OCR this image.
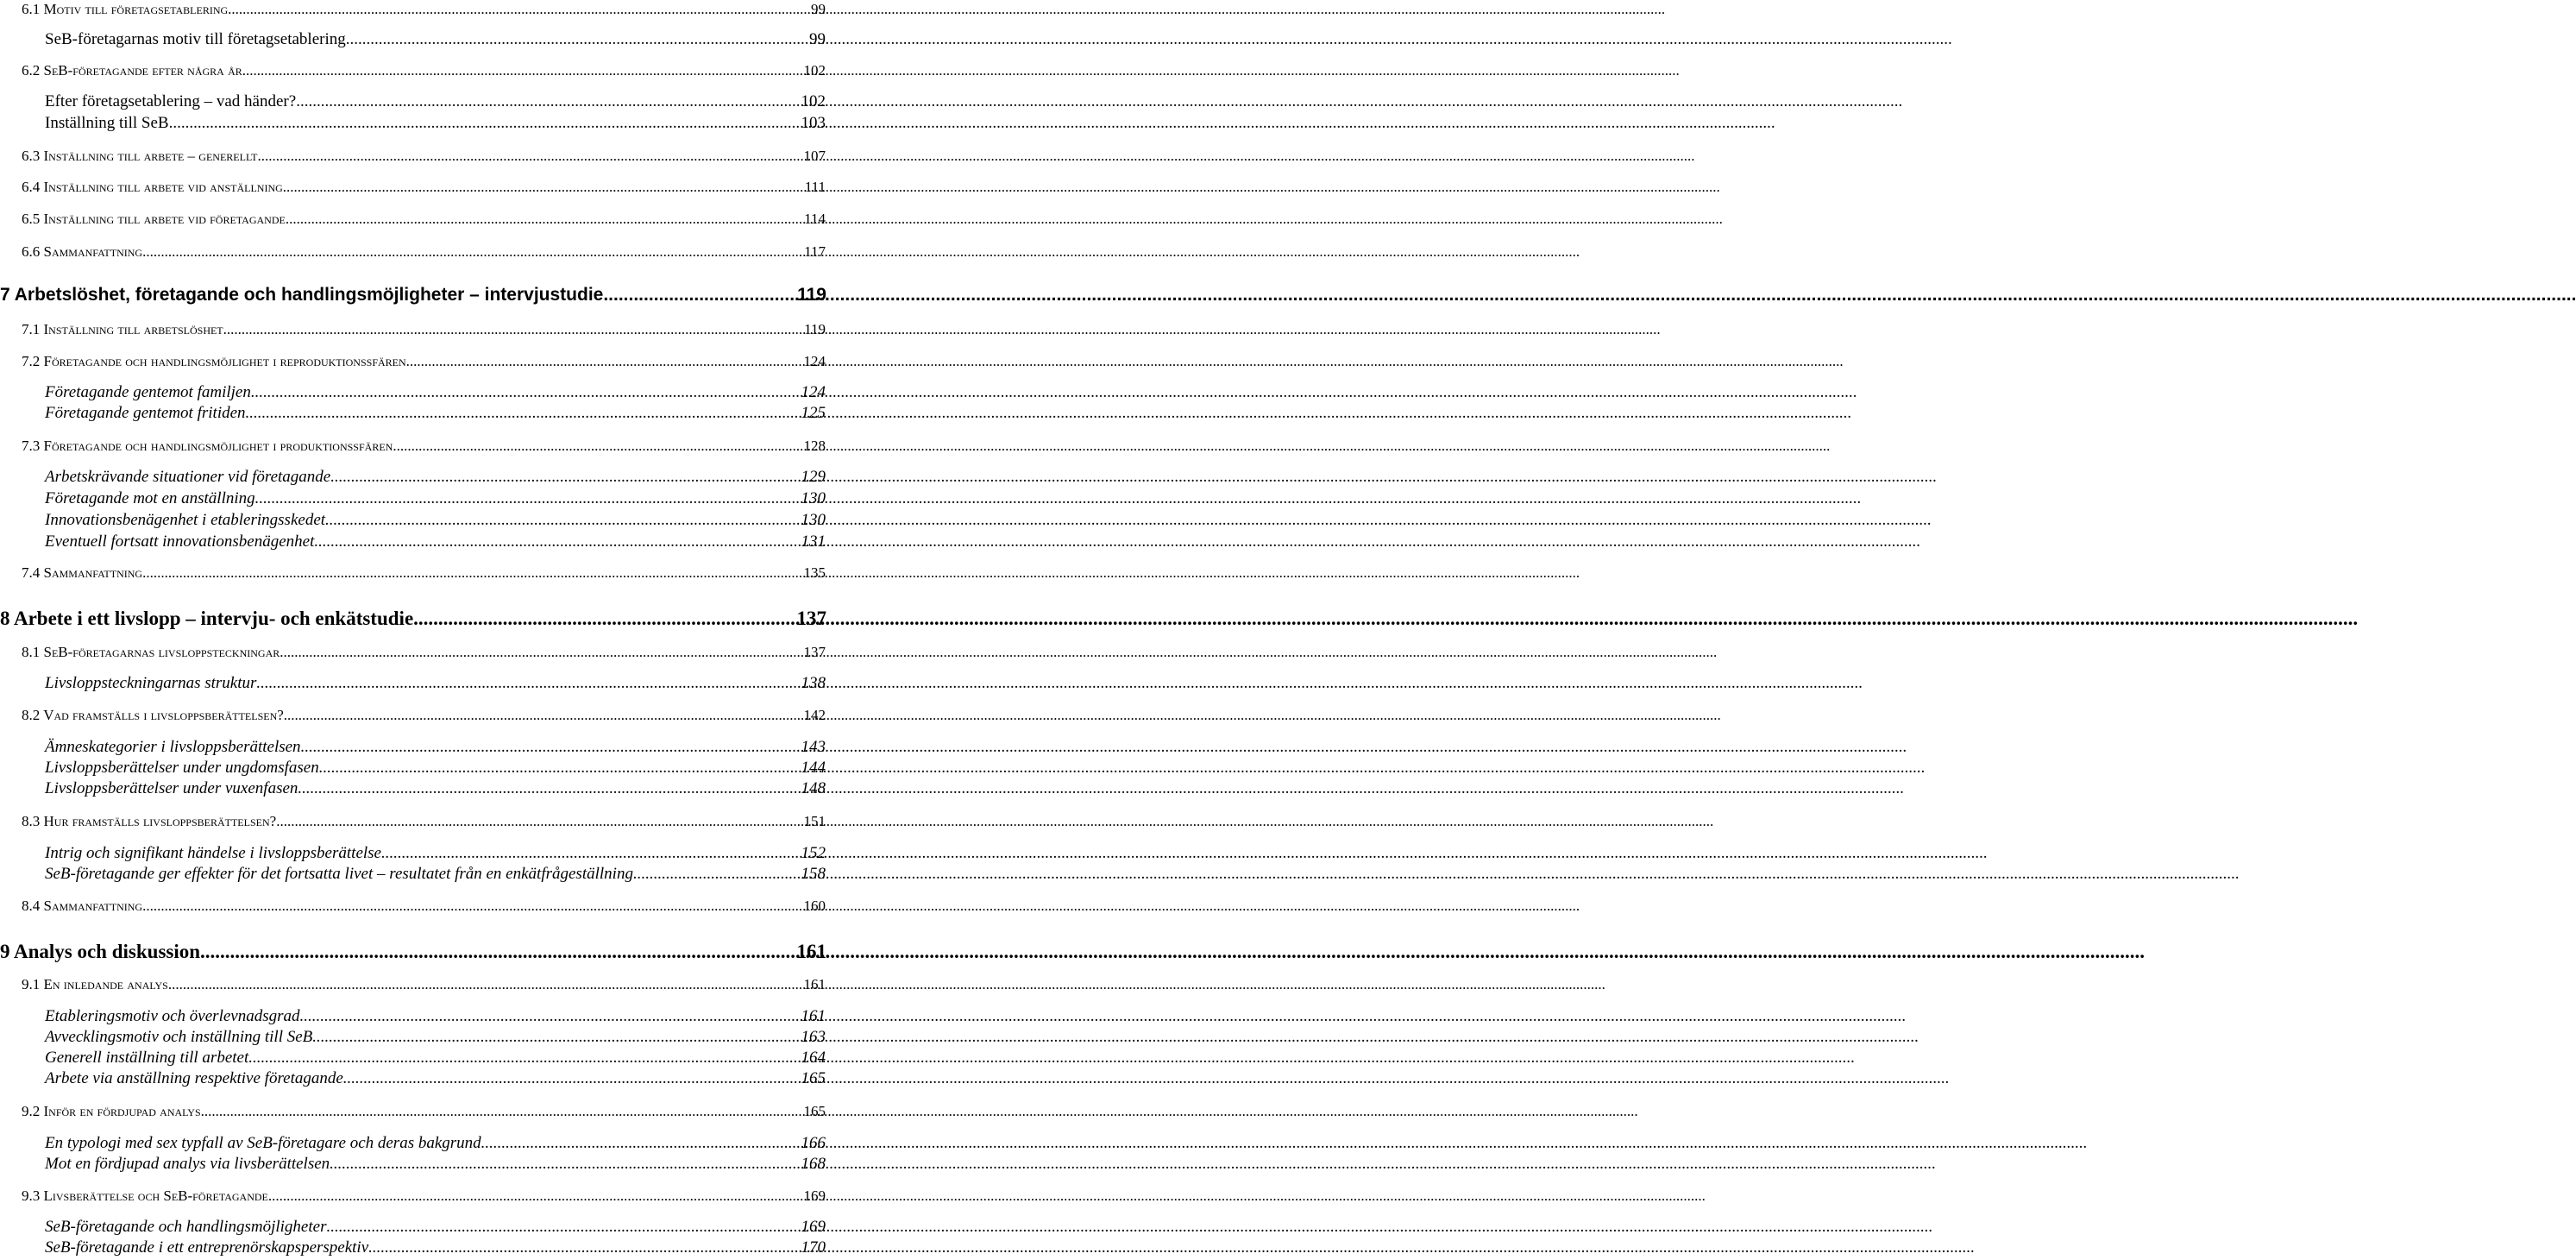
6.1 Motiv till företagsetablering .....	99
SeB-företagarnas motiv till företagsetablering .....	99
6.2 SeB-företagande efter några år .....	102
Efter företagsetablering – vad händer? .....	102
Inställning till SeB .....	103
6.3 Inställning till arbete – generellt .....	107
6.4 Inställning till arbete vid anställning .....	111
6.5 Inställning till arbete vid företagande .....	114
6.6 Sammanfattning .....	117
7 Arbetslöshet, företagande och handlingsmöjligheter – intervjustudie .....	119
7.1 Inställning till arbetslöshet .....	119
7.2 Företagande och handlingsmöjlighet i reproduktionssfären .....	124
Företagande gentemot familjen .....	124
Företagande gentemot fritiden .....	125
7.3 Företagande och handlingsmöjlighet i produktionssfären .....	128
Arbetskrävande situationer vid företagande .....	129
Företagande mot en anställning .....	130
Innovationsbenägenhet i etableringsskedet .....	130
Eventuell fortsatt innovationsbenägenhet .....	131
7.4 Sammanfattning .....	135
8 Arbete i ett livslopp – intervju- och enkätstudie .....	137
8.1 SeB-företagarnas livsloppsteckningar .....	137
Livsloppsteckningarnas struktur .....	138
8.2 Vad framställs i livsloppsberättelsen? .....	142
Ämneskategorier i livsloppsberättelsen .....	143
Livsloppsberättelser under ungdomsfasen .....	144
Livsloppsberättelser under vuxenfasen .....	148
8.3 Hur framställs livsloppsberättelsen? .....	151
Intrig och signifikant händelse i livsloppsberättelse .....	152
SeB-företagande ger effekter för det fortsatta livet – resultatet från en enkätfrågeställning .....	158
8.4 Sammanfattning .....	160
9 Analys och diskussion .....	161
9.1 En inledande analys .....	161
Etableringsmotiv och överlevnadsgrad .....	161
Avvecklingsmotiv och inställning till SeB .....	163
Generell inställning till arbetet .....	164
Arbete via anställning respektive företagande .....	165
9.2 Inför en fördjupad analys .....	165
En typologi med sex typfall av SeB-företagare och deras bakgrund .....	166
Mot en fördjupad analys via livsberättelsen .....	168
9.3 Livsberättelse och SeB-företagande .....	169
SeB-företagande och handlingsmöjligheter .....	169
SeB-företagande i ett entreprenörskapsperspektiv .....	170
